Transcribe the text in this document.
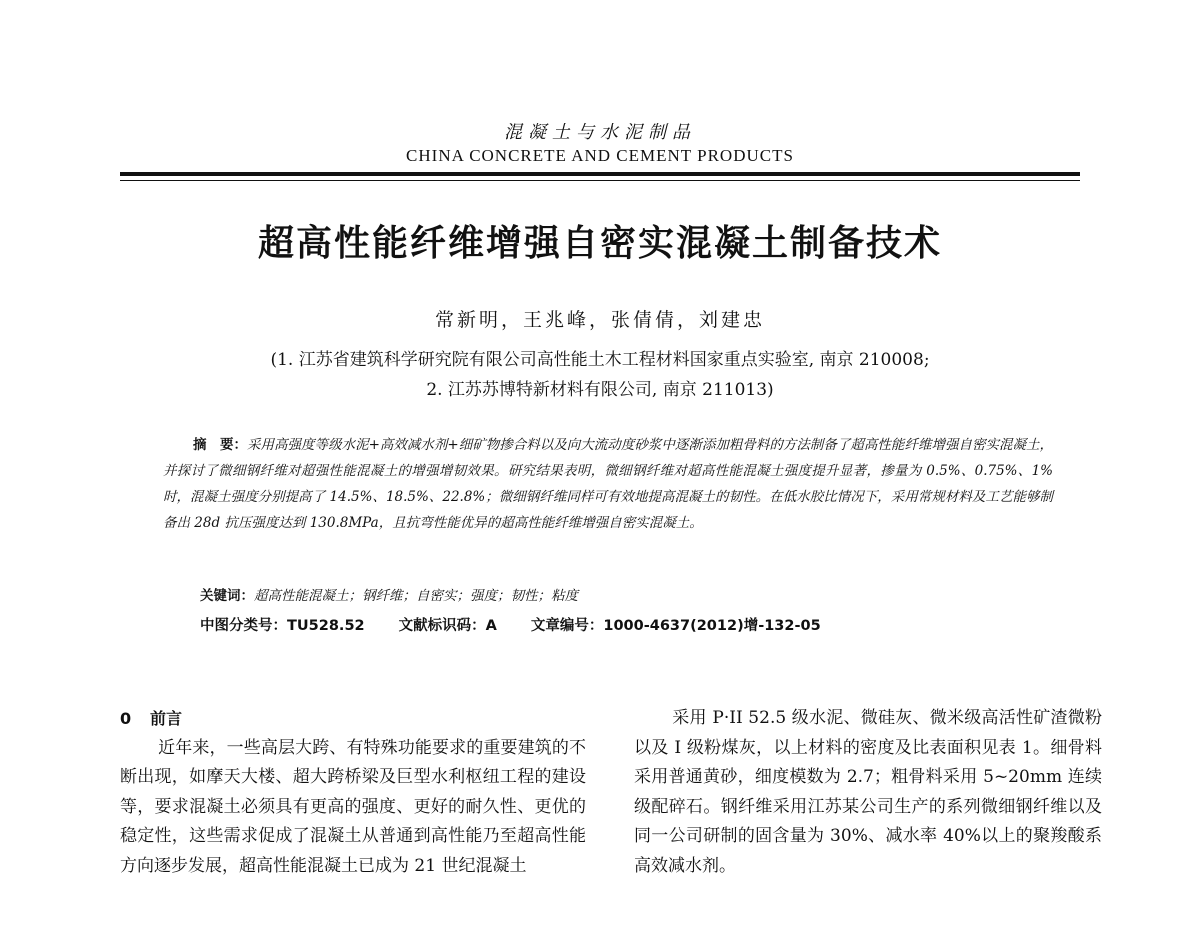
混凝土与水泥制品
CHINA CONCRETE AND CEMENT PRODUCTS
超高性能纤维增强自密实混凝土制备技术
常新明，王兆峰，张倩倩，刘建忠
(1. 江苏省建筑科学研究院有限公司高性能土木工程材料国家重点实验室, 南京 210008;
2. 江苏苏博特新材料有限公司, 南京 211013)
摘　要：采用高强度等级水泥+高效减水剂+细矿物掺合料以及向大流动度砂浆中逐渐添加粗骨料的方法制备了超高性能纤维增强自密实混凝土，并探讨了微细钢纤维对超强性能混凝土的增强增韧效果。研究结果表明，微细钢纤维对超高性能混凝土强度提升显著，掺量为 0.5%、0.75%、1%时，混凝土强度分别提高了 14.5%、18.5%、22.8%；微细钢纤维同样可有效地提高混凝土的韧性。在低水胶比情况下，采用常规材料及工艺能够制备出 28d 抗压强度达到 130.8MPa，且抗弯性能优异的超高性能纤维增强自密实混凝土。
关键词：超高性能混凝土；钢纤维；自密实；强度；韧性；粘度
中图分类号：TU528.52 文献标识码：A 文章编号：1000-4637(2012)增-132-05
0 前言
近年来，一些高层大跨、有特殊功能要求的重要建筑的不断出现，如摩天大楼、超大跨桥梁及巨型水利枢纽工程的建设等，要求混凝土必须具有更高的强度、更好的耐久性、更优的稳定性，这些需求促成了混凝土从普通到高性能乃至超高性能方向逐步发展，超高性能混凝土已成为 21 世纪混凝土
采用 P·II 52.5 级水泥、微硅灰、微米级高活性矿渣微粉以及 I 级粉煤灰，以上材料的密度及比表面积见表 1。细骨料采用普通黄砂，细度模数为 2.7；粗骨料采用 5~20mm 连续级配碎石。钢纤维采用江苏某公司生产的系列微细钢纤维以及同一公司研制的固含量为 30%、减水率 40%以上的聚羧酸系高效减水剂。
